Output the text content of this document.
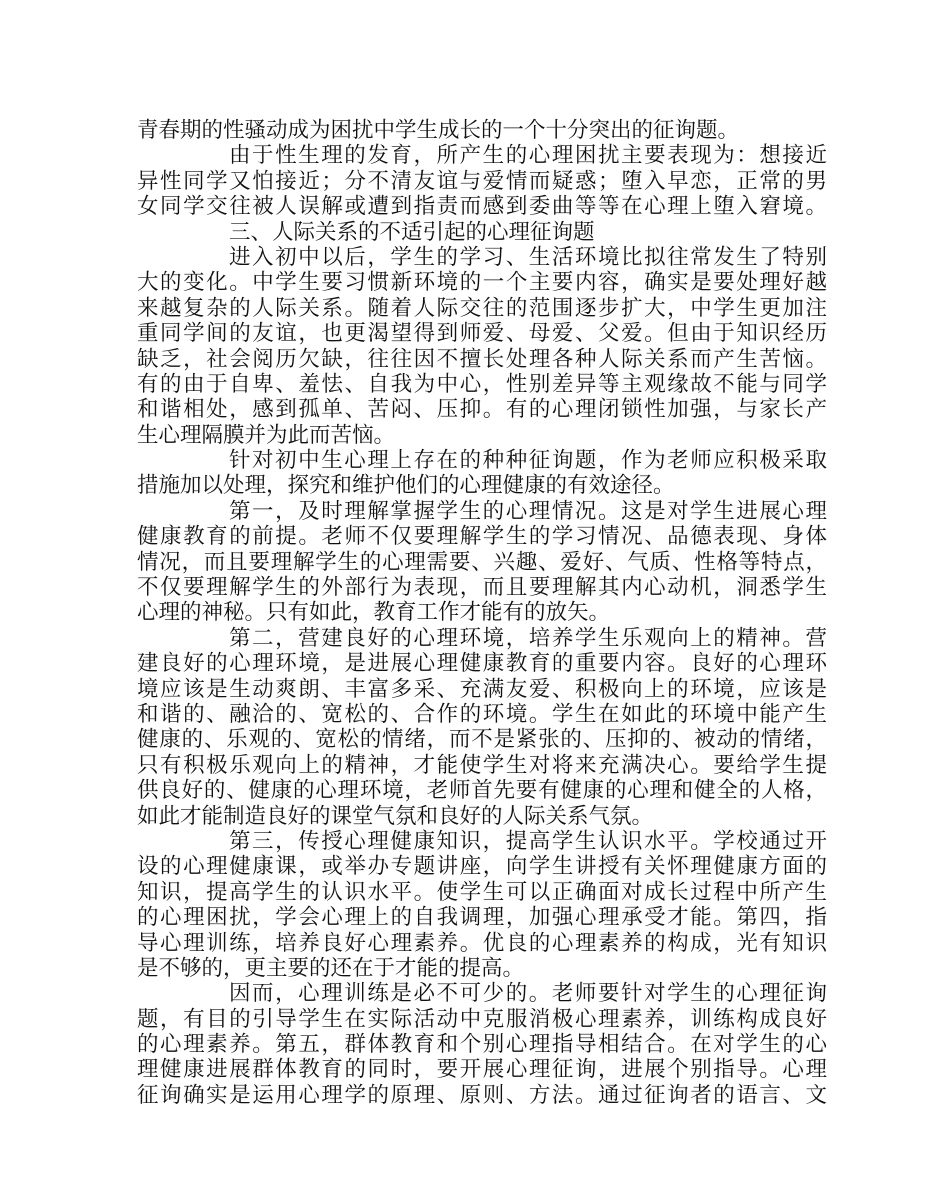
青春期的性骚动成为困扰中学生成长的一个十分突出的征询题。
由于性生理的发育，所产生的心理困扰主要表现为：想接近
异性同学又怕接近；分不清友谊与爱情而疑惑；堕入早恋，正常的男
女同学交往被人误解或遭到指责而感到委曲等等在心理上堕入窘境。
三、人际关系的不适引起的心理征询题
进入初中以后，学生的学习、生活环境比拟往常发生了特别
大的变化。中学生要习惯新环境的一个主要内容，确实是要处理好越
来越复杂的人际关系。随着人际交往的范围逐步扩大，中学生更加注
重同学间的友谊，也更渴望得到师爱、母爱、父爱。但由于知识经历
缺乏，社会阅历欠缺，往往因不擅长处理各种人际关系而产生苦恼。
有的由于自卑、羞怯、自我为中心，性别差异等主观缘故不能与同学
和谐相处，感到孤单、苦闷、压抑。有的心理闭锁性加强，与家长产
生心理隔膜并为此而苦恼。
针对初中生心理上存在的种种征询题，作为老师应积极采取
措施加以处理，探究和维护他们的心理健康的有效途径。
第一，及时理解掌握学生的心理情况。这是对学生进展心理
健康教育的前提。老师不仅要理解学生的学习情况、品德表现、身体
情况，而且要理解学生的心理需要、兴趣、爱好、气质、性格等特点，
不仅要理解学生的外部行为表现，而且要理解其内心动机，洞悉学生
心理的神秘。只有如此，教育工作才能有的放矢。
第二，营建良好的心理环境，培养学生乐观向上的精神。营
建良好的心理环境，是进展心理健康教育的重要内容。良好的心理环
境应该是生动爽朗、丰富多采、充满友爱、积极向上的环境，应该是
和谐的、融洽的、宽松的、合作的环境。学生在如此的环境中能产生
健康的、乐观的、宽松的情绪，而不是紧张的、压抑的、被动的情绪，
只有积极乐观向上的精神，才能使学生对将来充满决心。要给学生提
供良好的、健康的心理环境，老师首先要有健康的心理和健全的人格，
如此才能制造良好的课堂气氛和良好的人际关系气氛。
第三，传授心理健康知识，提高学生认识水平。学校通过开
设的心理健康课，或举办专题讲座，向学生讲授有关怀理健康方面的
知识，提高学生的认识水平。使学生可以正确面对成长过程中所产生
的心理困扰，学会心理上的自我调理，加强心理承受才能。第四，指
导心理训练，培养良好心理素养。优良的心理素养的构成，光有知识
是不够的，更主要的还在于才能的提高。
因而，心理训练是必不可少的。老师要针对学生的心理征询
题，有目的引导学生在实际活动中克服消极心理素养，训练构成良好
的心理素养。第五，群体教育和个别心理指导相结合。在对学生的心
理健康进展群体教育的同时，要开展心理征询，进展个别指导。心理
征询确实是运用心理学的原理、原则、方法。通过征询者的语言、文
